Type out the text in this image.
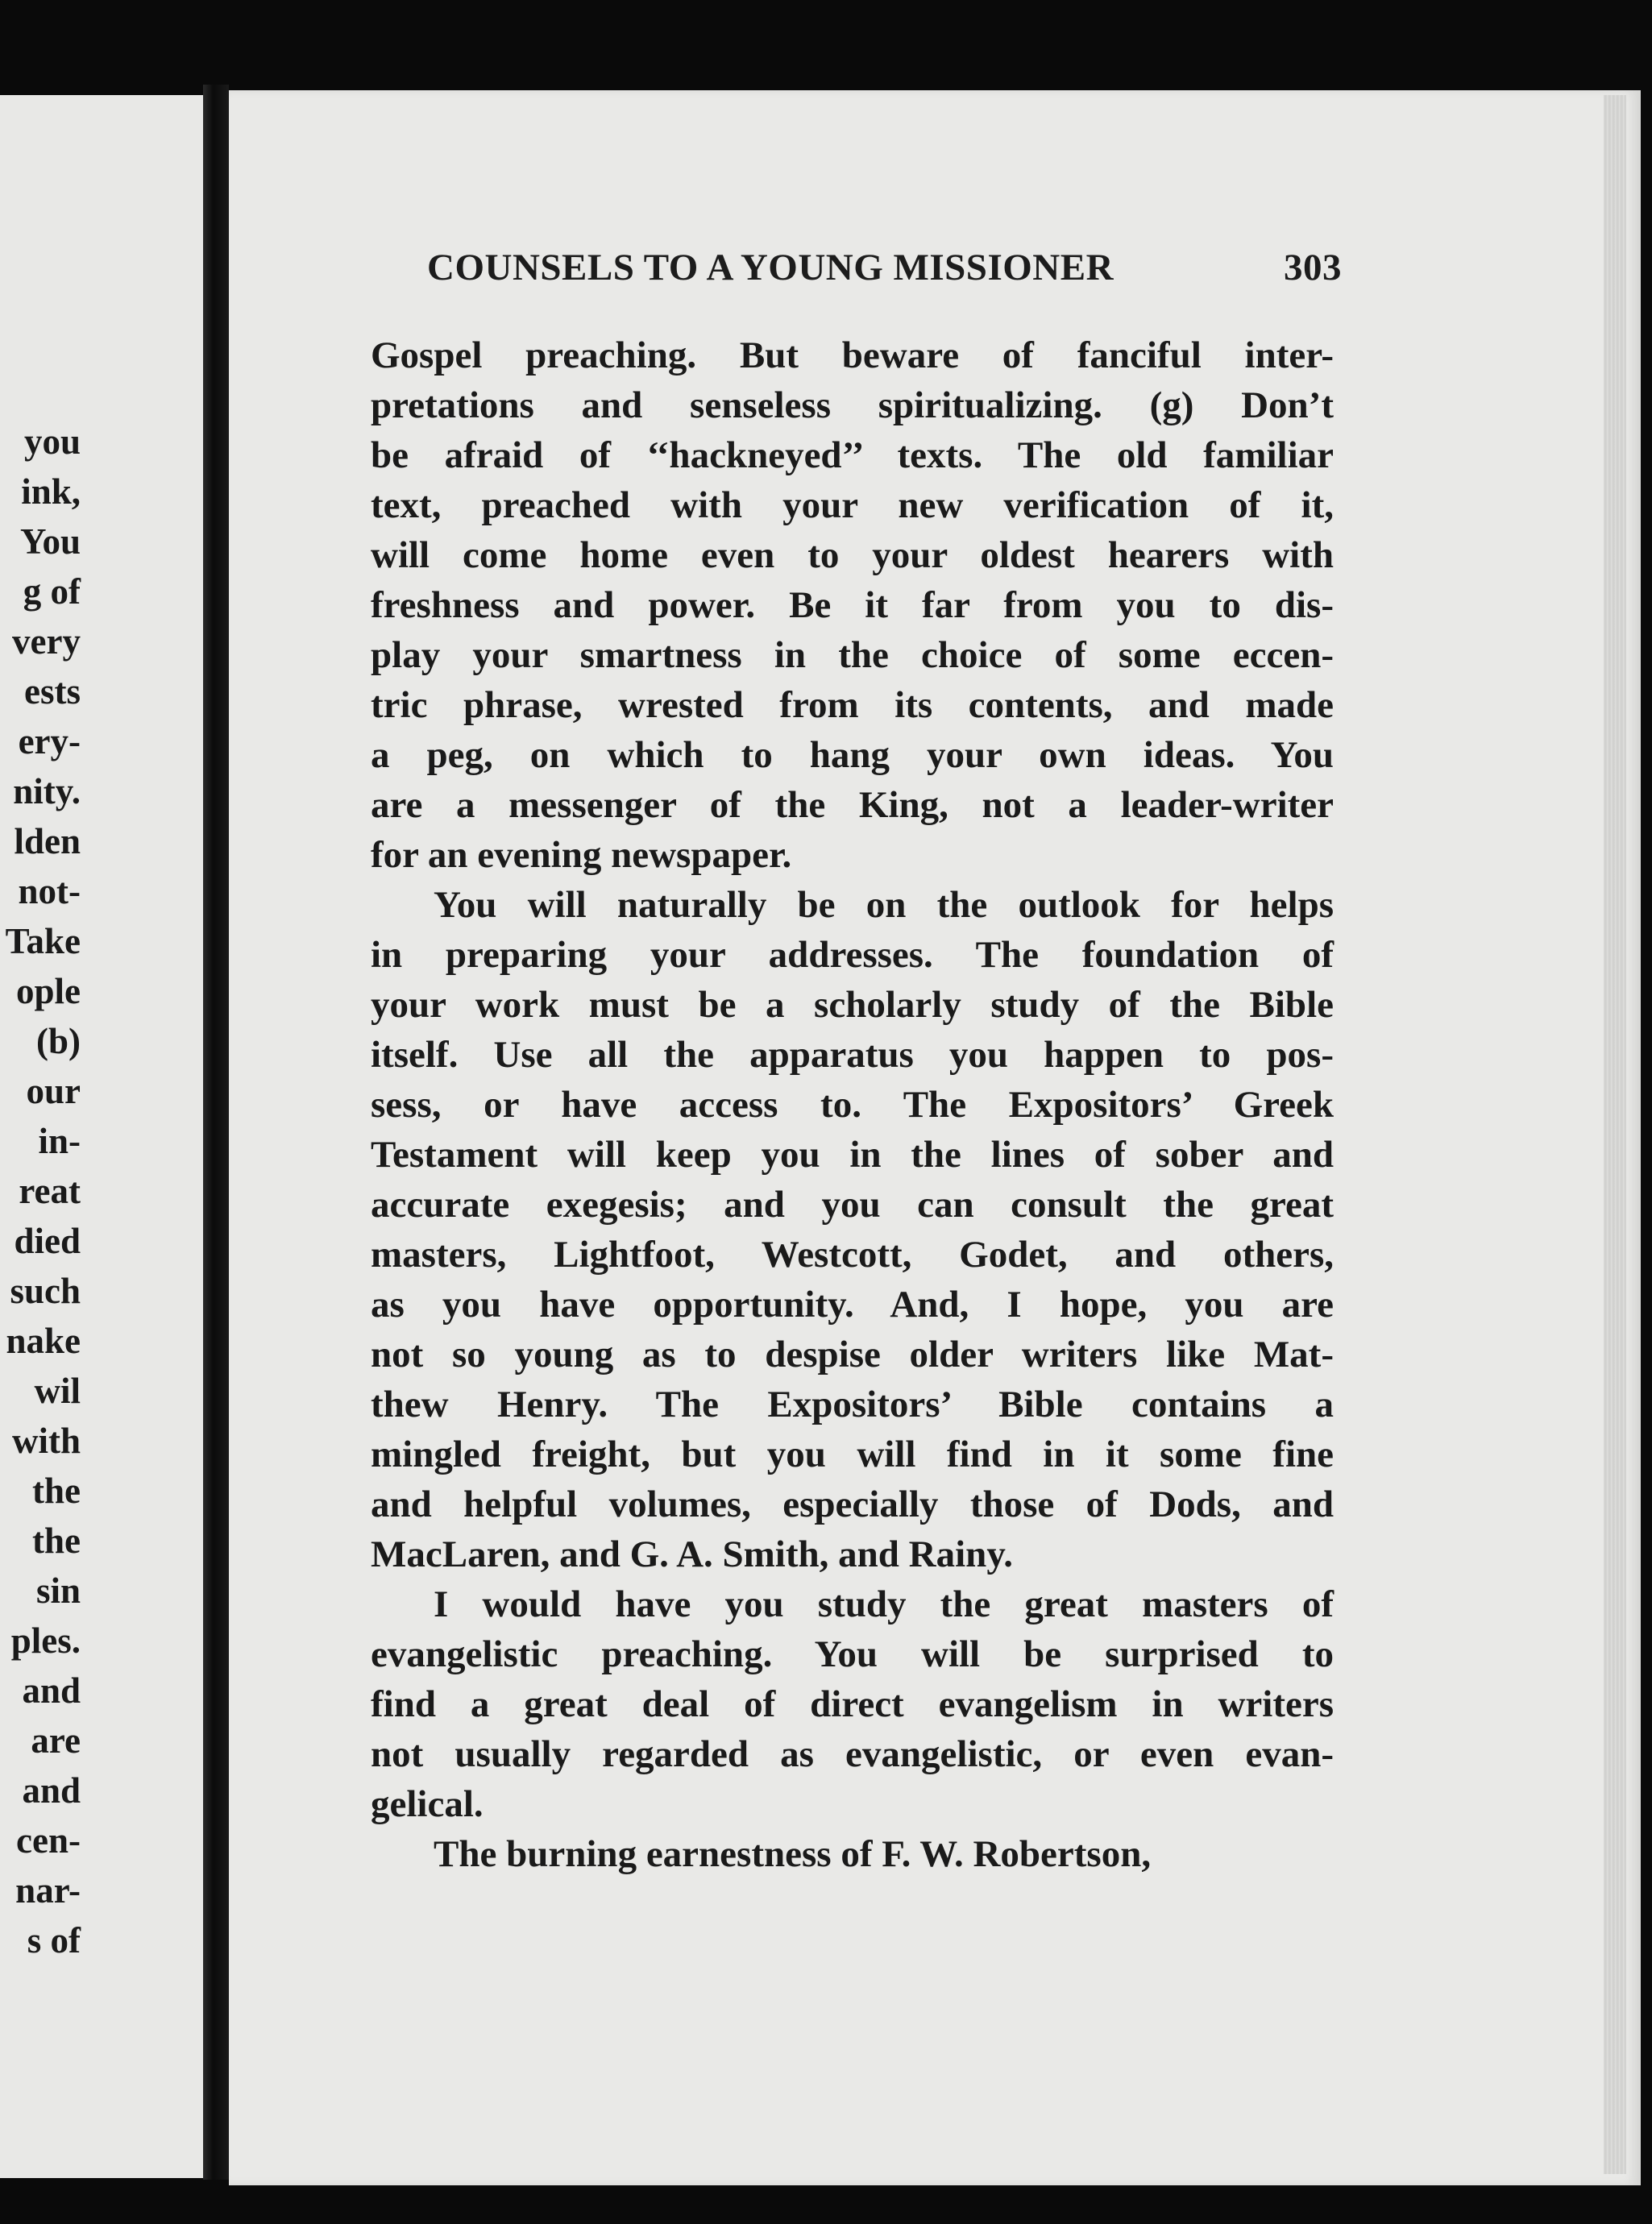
you
ink,
You
g of
very
ests
ery-
nity.
lden
not-
Take
ople
(b)
our
in-
reat
died
such
nake
wil
with
the
the
sin
ples.
and
are
and
cen-
nar-
s of
COUNSELS TO A YOUNG MISSIONER	303
Gospel preaching. But beware of fanciful inter-
pretations and senseless spiritualizing. (g) Don’t
be afraid of ‘‘hackneyed’’ texts. The old familiar
text, preached with your new verification of it,
will come home even to your oldest hearers with
freshness and power. Be it far from you to dis-
play your smartness in the choice of some eccen-
tric phrase, wrested from its contents, and made
a peg, on which to hang your own ideas. You
are a messenger of the King, not a leader-writer
for an evening newspaper.
You will naturally be on the outlook for helps
in preparing your addresses. The foundation of
your work must be a scholarly study of the Bible
itself. Use all the apparatus you happen to pos-
sess, or have access to. The Expositors’ Greek
Testament will keep you in the lines of sober and
accurate exegesis; and you can consult the great
masters, Lightfoot, Westcott, Godet, and others,
as you have opportunity. And, I hope, you are
not so young as to despise older writers like Mat-
thew Henry. The Expositors’ Bible contains a
mingled freight, but you will find in it some fine
and helpful volumes, especially those of Dods, and
MacLaren, and G. A. Smith, and Rainy.
I would have you study the great masters of
evangelistic preaching. You will be surprised to
find a great deal of direct evangelism in writers
not usually regarded as evangelistic, or even evan-
gelical.
The burning earnestness of F. W. Robertson,
